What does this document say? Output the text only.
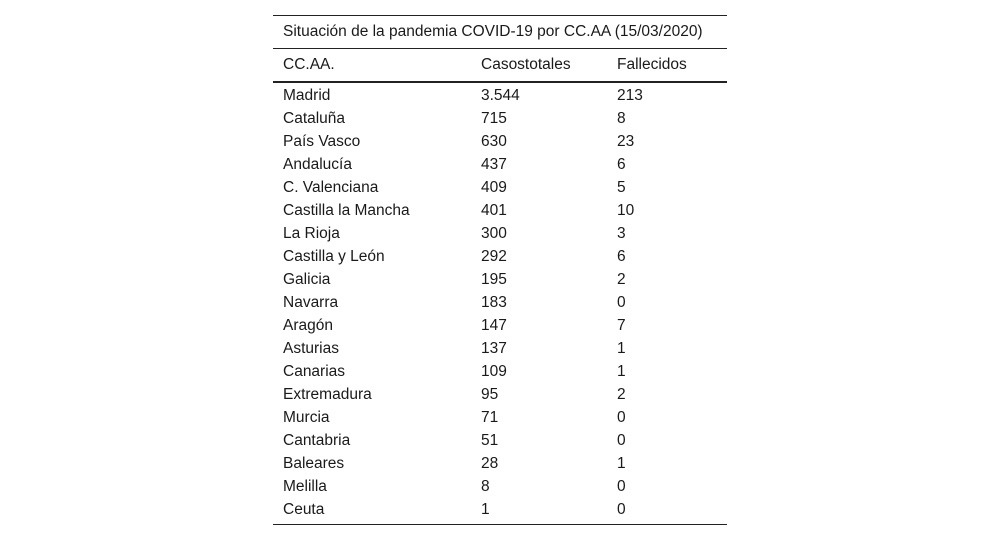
Situación de la pandemia COVID-19 por CC.AA (15/03/2020)
CC.AA.	Casostotales	Fallecidos
Madrid	3.544	213
Cataluña	715	8
País Vasco	630	23
Andalucía	437	6
C. Valenciana	409	5
Castilla la Mancha	401	10
La Rioja	300	3
Castilla y León	292	6
Galicia	195	2
Navarra	183	0
Aragón	147	7
Asturias	137	1
Canarias	109	1
Extremadura	95	2
Murcia	71	0
Cantabria	51	0
Baleares	28	1
Melilla	8	0
Ceuta	1	0
